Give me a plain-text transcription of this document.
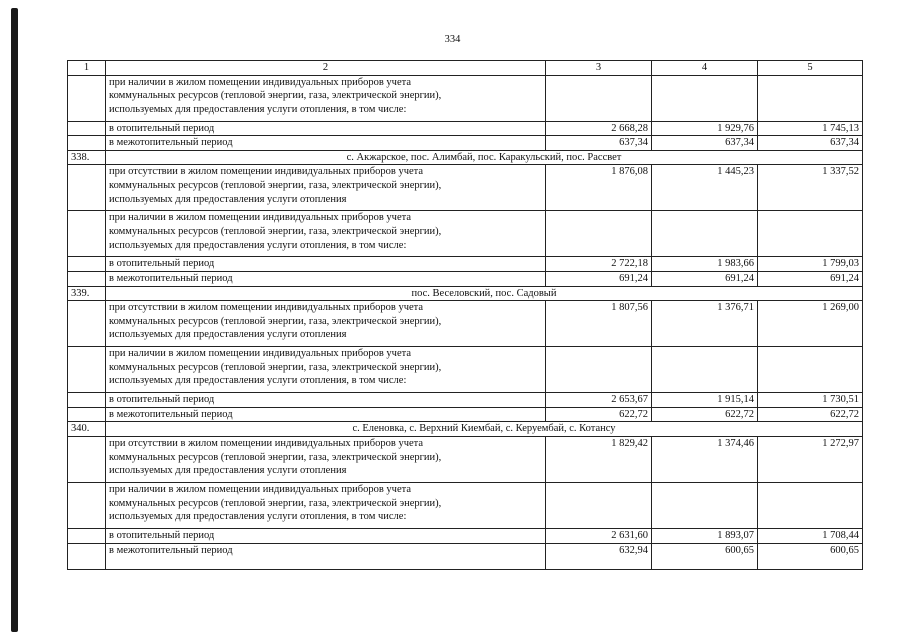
334
1	2	3	4	5

	при наличии в жилом помещении индивидуальных приборов учета
коммунальных ресурсов (тепловой энергии, газа, электрической энергии),
используемых для предоставления услуги отопления, в том числе:			

	в отопительный период	2 668,28	1 929,76	1 745,13
	в межотопительный период	637,34	637,34	637,34
338.	с. Акжарское, пос. Алимбай, пос. Каракульский, пос. Рассвет			

	при отсутствии в жилом помещении индивидуальных приборов учета
коммунальных ресурсов (тепловой энергии, газа, электрической энергии),
используемых для предоставления услуги отопления	1 876,08	1 445,23	1 337,52

	при наличии в жилом помещении индивидуальных приборов учета
коммунальных ресурсов (тепловой энергии, газа, электрической энергии),
используемых для предоставления услуги отопления, в том числе:			

	в отопительный период	2 722,18	1 983,66	1 799,03
	в межотопительный период	691,24	691,24	691,24
339.	пос. Веселовский, пос. Садовый			

	при отсутствии в жилом помещении индивидуальных приборов учета
коммунальных ресурсов (тепловой энергии, газа, электрической энергии),
используемых для предоставления услуги отопления	1 807,56	1 376,71	1 269,00

	при наличии в жилом помещении индивидуальных приборов учета
коммунальных ресурсов (тепловой энергии, газа, электрической энергии),
используемых для предоставления услуги отопления, в том числе:			

	в отопительный период	2 653,67	1 915,14	1 730,51
	в межотопительный период	622,72	622,72	622,72
340.	с. Еленовка, с. Верхний Киембай, с. Керуембай, с. Котансу			

	при отсутствии в жилом помещении индивидуальных приборов учета
коммунальных ресурсов (тепловой энергии, газа, электрической энергии),
используемых для предоставления услуги отопления	1 829,42	1 374,46	1 272,97

	при наличии в жилом помещении индивидуальных приборов учета
коммунальных ресурсов (тепловой энергии, газа, электрической энергии),
используемых для предоставления услуги отопления, в том числе:			

	в отопительный период	2 631,60	1 893,07	1 708,44
	в межотопительный период	632,94	600,65	600,65
